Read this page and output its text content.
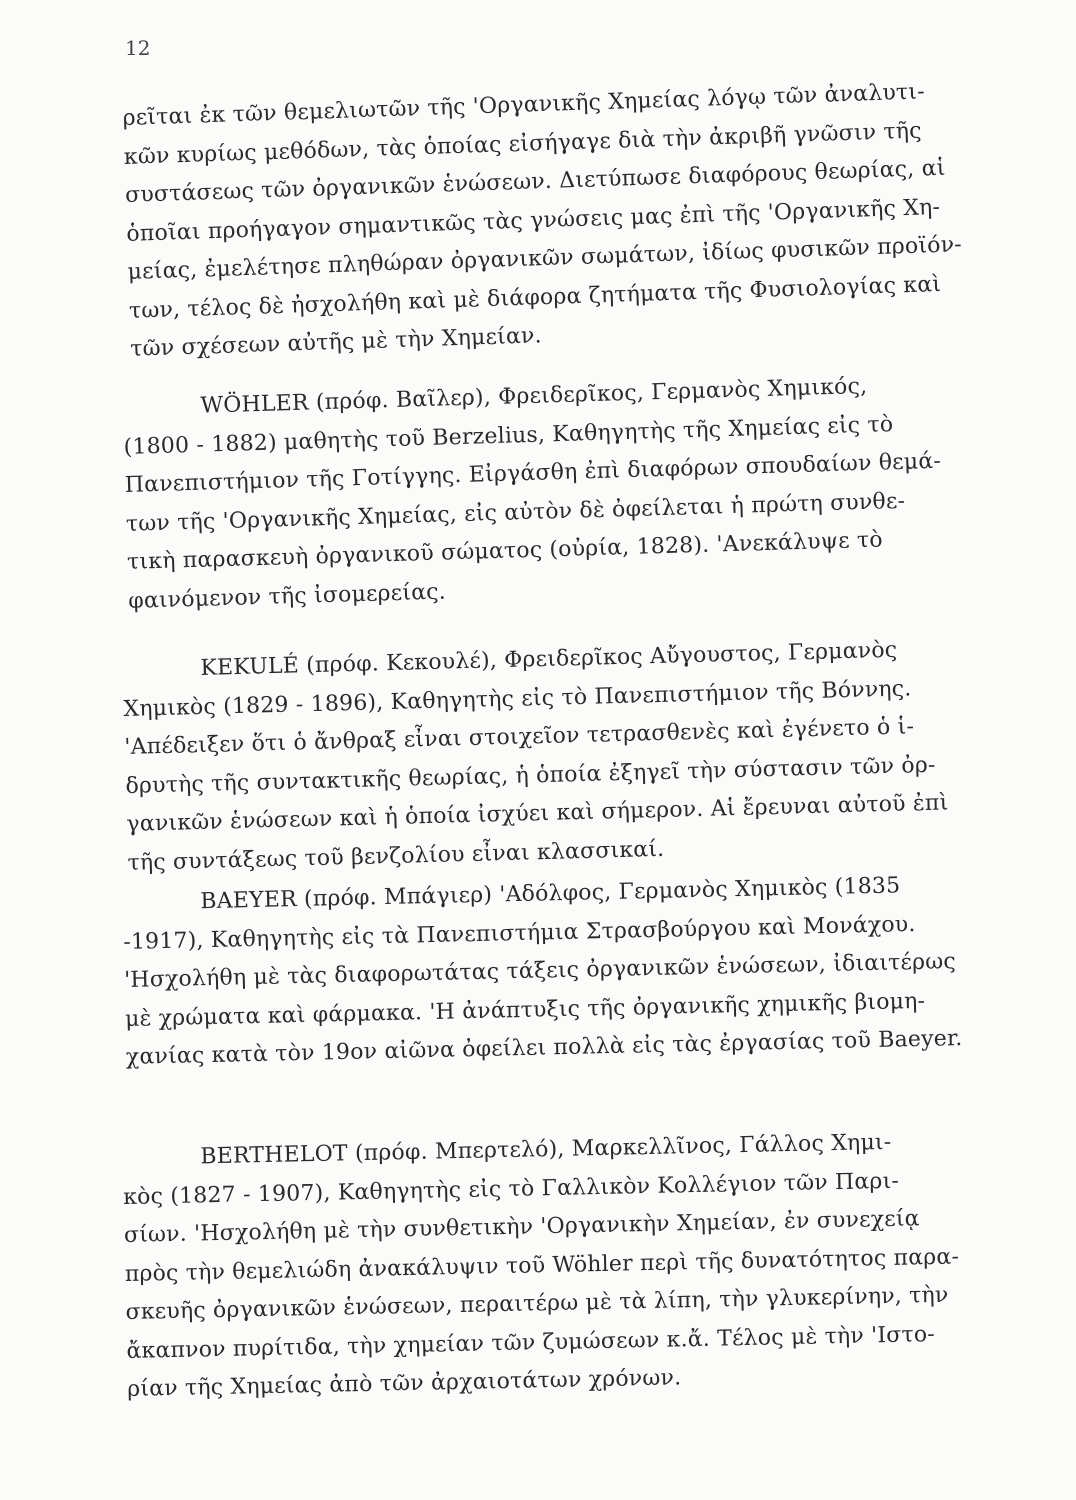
12
ρεῖται ἐκ τῶν θεμελιωτῶν τῆς 'Οργανικῆς Χημείας λόγῳ τῶν ἀναλυτι-
κῶν κυρίως μεθόδων, τὰς ὁποίας εἰσήγαγε διὰ τὴν ἀκριβῆ γνῶσιν τῆς
συστάσεως τῶν ὀργανικῶν ἑνώσεων. Διετύπωσε διαφόρους θεωρίας, αἱ
ὁποῖαι προήγαγον σημαντικῶς τὰς γνώσεις μας ἐπὶ τῆς 'Οργανικῆς Χη-
μείας, ἐμελέτησε πληθώραν ὀργανικῶν σωμάτων, ἰδίως φυσικῶν προϊόν-
των, τέλος δὲ ἠσχολήθη καὶ μὲ διάφορα ζητήματα τῆς Φυσιολογίας καὶ
τῶν σχέσεων αὐτῆς μὲ τὴν Χημείαν.
WÖHLER (πρόφ. Βαῖλερ), Φρειδερῖκος, Γερμανὸς Χημικός,
(1800 - 1882) μαθητὴς τοῦ Berzelius, Καθηγητὴς τῆς Χημείας εἰς τὸ
Πανεπιστήμιον τῆς Γοτίγγης. Εἰργάσθη ἐπὶ διαφόρων σπουδαίων θεμά-
των τῆς 'Οργανικῆς Χημείας, εἰς αὐτὸν δὲ ὀφείλεται ἡ πρώτη συνθε-
τικὴ παρασκευὴ ὀργανικοῦ σώματος (οὐρία, 1828). 'Ανεκάλυψε τὸ
φαινόμενον τῆς ἰσομερείας.
KEKULÉ (πρόφ. Κεκουλέ), Φρειδερῖκος Αὔγουστος, Γερμανὸς
Χημικὸς (1829 - 1896), Καθηγητὴς εἰς τὸ Πανεπιστήμιον τῆς Βόννης.
'Απέδειξεν ὅτι ὁ ἄνθραξ εἶναι στοιχεῖον τετρασθενὲς καὶ ἐγένετο ὁ ἱ-
δρυτὴς τῆς συντακτικῆς θεωρίας, ἡ ὁποία ἐξηγεῖ τὴν σύστασιν τῶν ὀρ-
γανικῶν ἑνώσεων καὶ ἡ ὁποία ἰσχύει καὶ σήμερον. Αἱ ἔρευναι αὐτοῦ ἐπὶ
τῆς συντάξεως τοῦ βενζολίου εἶναι κλασσικαί.
BAEYER (πρόφ. Μπάγιερ) 'Αδόλφος, Γερμανὸς Χημικὸς (1835
-1917), Καθηγητὴς εἰς τὰ Πανεπιστήμια Στρασβούργου καὶ Μονάχου.
'Ησχολήθη μὲ τὰς διαφορωτάτας τάξεις ὀργανικῶν ἑνώσεων, ἰδιαιτέρως
μὲ χρώματα καὶ φάρμακα. 'Η ἀνάπτυξις τῆς ὀργανικῆς χημικῆς βιομη-
χανίας κατὰ τὸν 19ον αἰῶνα ὀφείλει πολλὰ εἰς τὰς ἐργασίας τοῦ Baeyer.
BERTHELOT (πρόφ. Μπερτελό), Μαρκελλῖνος, Γάλλος Χημι-
κὸς (1827 - 1907), Καθηγητὴς εἰς τὸ Γαλλικὸν Κολλέγιον τῶν Παρι-
σίων. 'Ησχολήθη μὲ τὴν συνθετικὴν 'Οργανικὴν Χημείαν, ἐν συνεχείᾳ
πρὸς τὴν θεμελιώδη ἀνακάλυψιν τοῦ Wöhler περὶ τῆς δυνατότητος παρα-
σκευῆς ὀργανικῶν ἑνώσεων, περαιτέρω μὲ τὰ λίπη, τὴν γλυκερίνην, τὴν
ἄκαπνον πυρίτιδα, τὴν χημείαν τῶν ζυμώσεων κ.ἄ. Τέλος μὲ τὴν 'Ιστο-
ρίαν τῆς Χημείας ἀπὸ τῶν ἀρχαιοτάτων χρόνων.
